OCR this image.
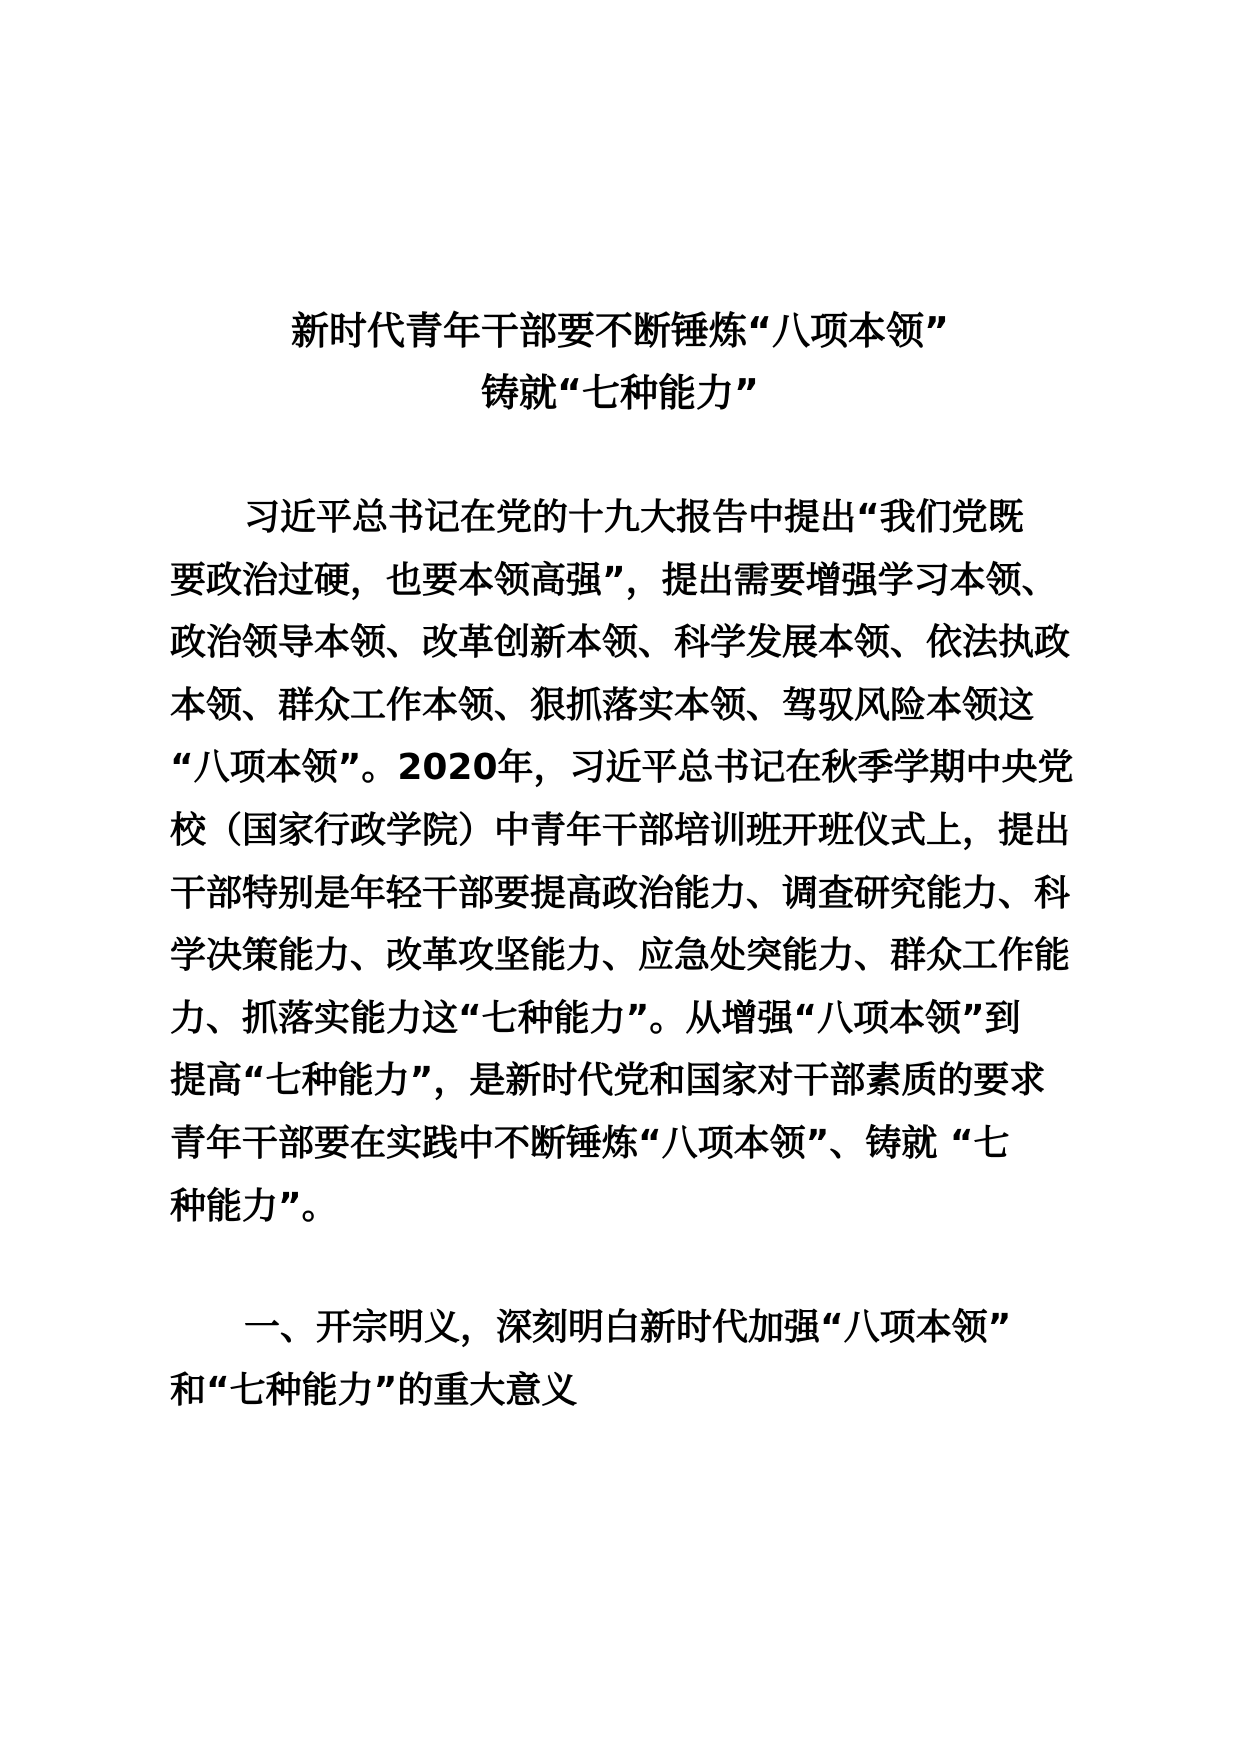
新时代青年干部要不断锤炼“八项本领”
铸就“七种能力”
习近平总书记在党的十九大报告中提出“我们党既
要政治过硬，也要本领高强”，提出需要增强学习本领、
政治领导本领、改革创新本领、科学发展本领、依法执政
本领、群众工作本领、狠抓落实本领、驾驭风险本领这
“八项本领”。2020年，习近平总书记在秋季学期中央党
校（国家行政学院）中青年干部培训班开班仪式上，提出
干部特别是年轻干部要提高政治能力、调查研究能力、科
学决策能力、改革攻坚能力、应急处突能力、群众工作能
力、抓落实能力这“七种能力”。从增强“八项本领”到
提高“七种能力”，是新时代党和国家对干部素质的要求
青年干部要在实践中不断锤炼“八项本领”、铸就 “七
种能力”。
一、开宗明义，深刻明白新时代加强“八项本领”
和“七种能力”的重大意义
